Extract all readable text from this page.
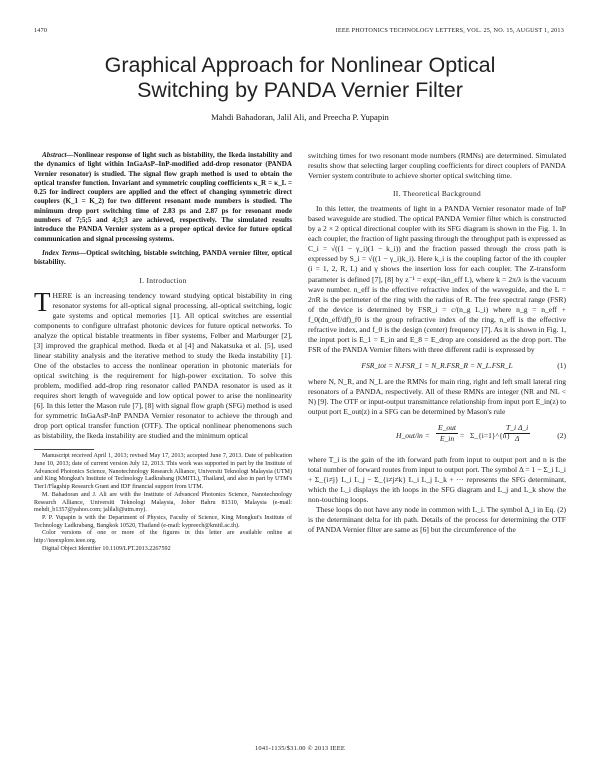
1470	IEEE PHOTONICS TECHNOLOGY LETTERS, VOL. 25, NO. 15, AUGUST 1, 2013
Graphical Approach for Nonlinear Optical
Switching by PANDA Vernier Filter
Mahdi Bahadoran, Jalil Ali, and Preecha P. Yupapin

Abstract—Nonlinear response of light such as bistability, the Ikeda instability and the dynamics of light within InGaAsP–InP-modified add-drop resonator (PANDA Vernier resonator) is studied. The signal flow graph method is used to obtain the optical transfer function. Invariant and symmetric coupling coefficients κ_R = κ_L = 0.25 for indirect couplers are applied and the effect of changing symmetric direct couplers (K_1 = K_2) for two different resonant mode numbers is studied. The minimum drop port switching time of 2.83 ps and 2.87 ps for resonant mode numbers of 7;5;5 and 4;3;3 are achieved, respectively. The simulated results introduce the PANDA Vernier system as a proper optical device for future optical communication and signal processing systems.

Index Terms—Optical switching, bistable switching, PANDA vernier filter, optical bistability.

I. Introduction

THERE is an increasing tendency toward studying optical bistability in ring resonator systems for all-optical signal processing, all-optical switching, logic gate systems and optical memories [1]. All optical switches are essential components to configure ultrafast photonic devices for future optical networks. To analyze the optical bistable treatments in fiber systems, Felber and Marburger [2], [3] improved the graphical method. Ikeda et al [4] and Nakatsuka et al. [5], used linear stability analysis and the iterative method to study the Ikeda instability [1]. One of the obstacles to access the nonlinear operation in photonic materials for optical switching is the requirement for high-power excitation. To solve this problem, modified add-drop ring resonator called PANDA resonator is used as it requires short length of waveguide and low optical power to arise the nonlinearity [6]. In this letter the Mason rule [7], [8] with signal flow graph (SFG) method is used for symmetric InGaAsP-InP PANDA Vernier resonator to achieve the through and drop port optical transfer function (OTF). The optical nonlinear phenomenons such as bistability, the Ikeda instability are studied and the minimum optical

Manuscript received April 1, 2013; revised May 17, 2013; accepted June 7, 2013. Date of publication June 10, 2013; date of current version July 12, 2013. This work was supported in part by the Institute of Advanced Photonics Science, Nanotechnology Research Alliance, Universiti Teknologi Malaysia (UTM) and King Mongkut's Institute of Technology Ladkrabang (KMITL), Thailand, and also in part by UTM's Tier1/Flagship Research Grant and IDF financial support from UTM.

M. Bahadoran and J. Ali are with the Institute of Advanced Photonics Science, Nanotechnology Research Alliance, Universiti Teknologi Malaysia, Johor Bahru 81310, Malaysia (e-mail: mehdi_b1357@yahoo.com; jalilali@utm.my).

P. P. Yupapin is with the Department of Physics, Faculty of Science, King Mongkut's Institute of Technology Ladkrabang, Bangkok 10520, Thailand (e-mail: kypreech@kmitl.ac.th).

Color versions of one or more of the figures in this letter are available online at http://ieeexplore.ieee.org.

Digital Object Identifier 10.1109/LPT.2013.2267592

switching times for two resonant mode numbers (RMNs) are determined. Simulated results show that selecting larger coupling coefficients for direct couplers of PANDA Vernier system contribute to achieve shorter optical switching time.

II. Theoretical Background

In this letter, the treatments of light in a PANDA Vernier resonator made of InP based waveguide are studied. The optical PANDA Vernier filter which is constructed by a 2 × 2 optical directional coupler with its SFG diagram is shown in the Fig. 1. In each coupler, the fraction of light passing through the throughput path is expressed as C_i = √((1 − γ_i)(1 − k_i)) and the fraction passed through the cross path is expressed by S_i = √((1 − γ_i)k_i). Here k_i is the coupling factor of the ith coupler (i = 1, 2, R, L) and γ shows the insertion loss for each coupler. The Z-transform parameter is defined [7], [8] by z⁻¹ = exp(−ikn_eff L), where k = 2π/λ is the vacuum wave number. n_eff is the effective refractive index of the waveguide, and the L = 2πR is the perimeter of the ring with the radius of R. The free spectral range (FSR) of the device is determined by FSR_i = c/(n_g L_i) where n_g = n_eff + f_0(dn_eff/df)_f0 is the group refractive index of the ring, n_eff is the effective refractive index, and f_0 is the design (center) frequency [7]. As it is shown in Fig. 1, the input port is E_1 = E_in and E_8 = E_drop are considered as the drop port. The FSR of the PANDA Vernier filters with three different radii is expressed by

FSR_tot = N.FSR_1 = N_R.FSR_R = N_L.FSR_L	(1)

where N, N_R, and N_L are the RMNs for main ring, right and left small lateral ring resonators of a PANDA, respectively. All of these RMNs are integer (NR and NL < N) [9]. The OTF or input-output transmittance relationship from input port E_in(z) to output port E_out(z) in a SFG can be determined by Mason's rule

H_out/in =
E_out
E_in = Σ_{i=1}^{n}
$\frac{\text{T\_i Δ\_i}}{\Delta}$	(2)

where T_i is the gain of the ith forward path from input to output port and n is the total number of forward routes from input to output port. The symbol Δ = 1 − Σ_i L_i + Σ_{i≠j} L_i L_j − Σ_{i≠j≠k} L_i L_j L_k + ··· represents the SFG determinant, which the L_i displays the ith loops in the SFG diagram and L_j and L_k show the non-touching loops.

These loops do not have any node in common with L_i. The symbol Δ_i in Eq. (2) is the determinant delta for ith path. Details of the process for determining the OTF of PANDA Vernier filter are same as [6] but the circumference of the

1041-1135/$31.00 © 2013 IEEE
